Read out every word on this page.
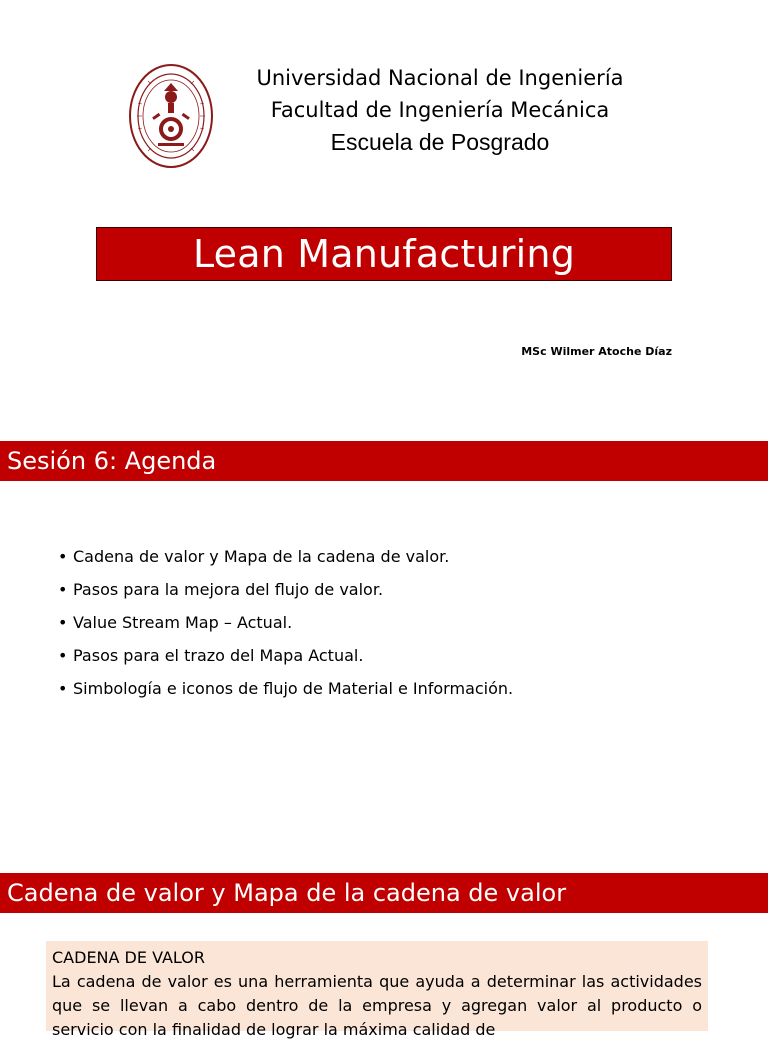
Universidad Nacional de Ingeniería
Facultad de Ingeniería Mecánica
Escuela de Posgrado
Lean Manufacturing
MSc Wilmer Atoche Díaz
Sesión 6: Agenda
• Cadena de valor y Mapa de la cadena de valor.
• Pasos para la mejora del flujo de valor.
• Value Stream Map – Actual.
• Pasos para el trazo del Mapa Actual.
• Simbología e iconos de flujo de Material e Información.
Cadena de valor y Mapa de la cadena de valor
CADENA DE VALOR
La cadena de valor es una herramienta que ayuda a determinar las actividades que se llevan a cabo dentro de la empresa y agregan valor al producto o servicio con la finalidad de lograr la máxima calidad de
